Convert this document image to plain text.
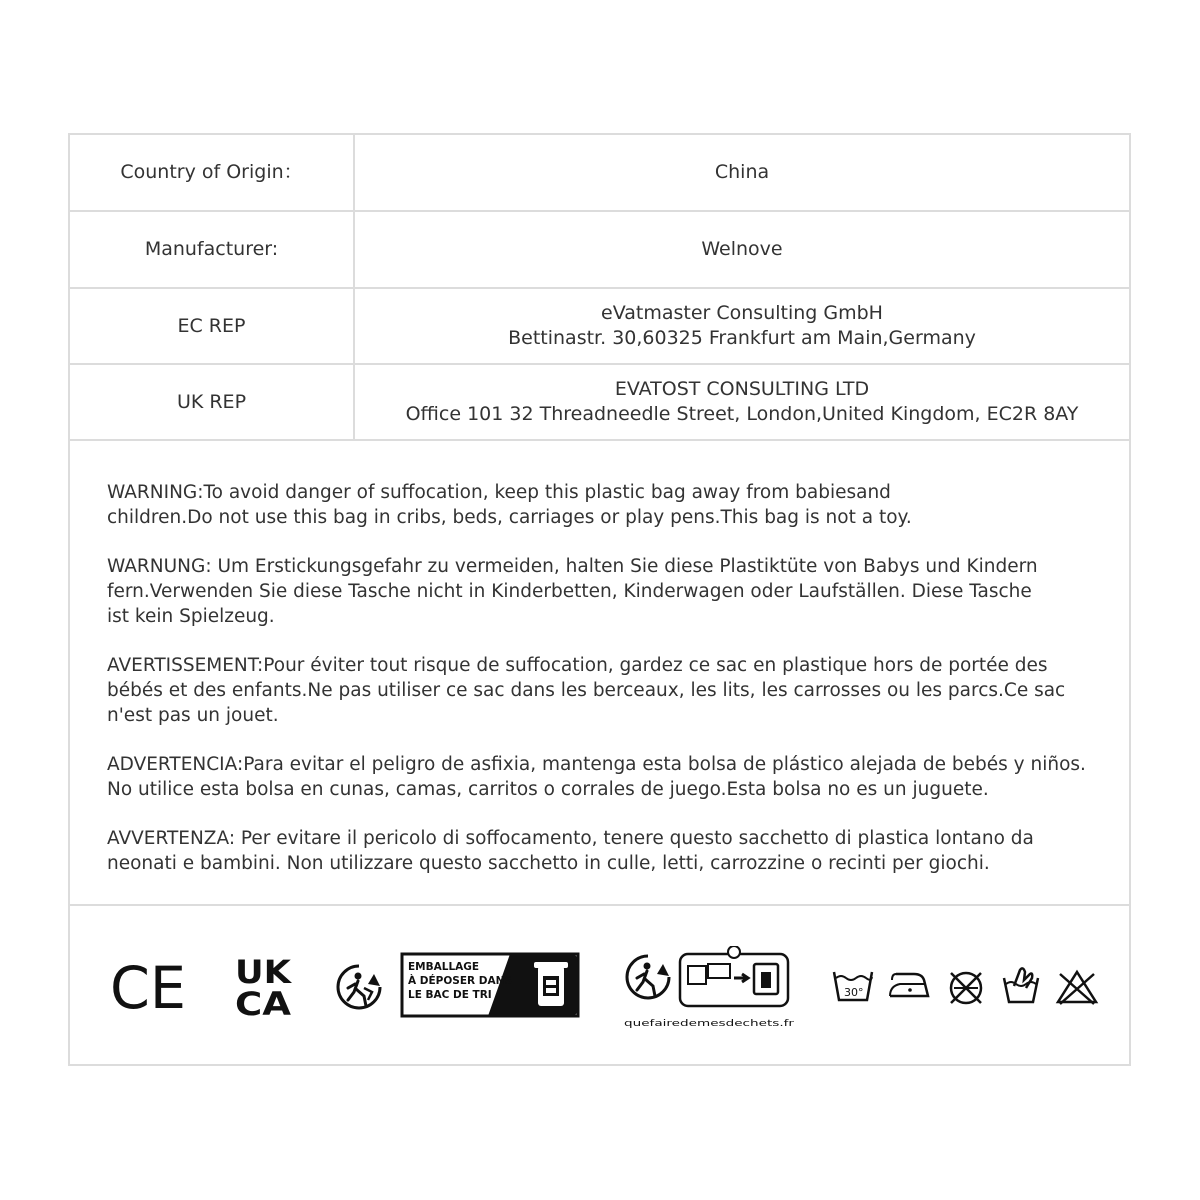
Country of Origin：	China

Manufacturer:	Welnove

EC REP	eVatmaster Consulting GmbH
Bettinastr. 30,60325 Frankfurt am Main,Germany

UK REP	EVATOST CONSULTING LTD
Office 101 32 Threadneedle Street, London,United Kingdom, EC2R 8AY

WARNING:To avoid danger of suffocation, keep this plastic bag away from babiesand
children.Do not use this bag in cribs, beds, carriages or play pens.This bag is not a toy.

WARNUNG: Um Erstickungsgefahr zu vermeiden, halten Sie diese Plastiktüte von Babys und Kindern
fern.Verwenden Sie diese Tasche nicht in Kinderbetten, Kinderwagen oder Laufställen. Diese Tasche
ist kein Spielzeug.

AVERTISSEMENT:Pour éviter tout risque de suffocation, gardez ce sac en plastique hors de portée des
bébés et des enfants.Ne pas utiliser ce sac dans les berceaux, les lits, les carrosses ou les parcs.Ce sac
n'est pas un jouet.

ADVERTENCIA:Para evitar el peligro de asfixia, mantenga esta bolsa de plástico alejada de bebés y niños.
No utilice esta bolsa en cunas, camas, carritos o corrales de juego.Esta bolsa no es un juguete.

AVVERTENZA: Per evitare il pericolo di soffocamento, tenere questo sacchetto di plastica lontano da
neonati e bambini. Non utilizzare questo sacchetto in culle, letti, carrozzine o recinti per giochi.

CE UK
CA
EMBALLAGE
À DÉPOSER DANS
LE BAC DE TRI
quefairedemesdechets.fr
30°
